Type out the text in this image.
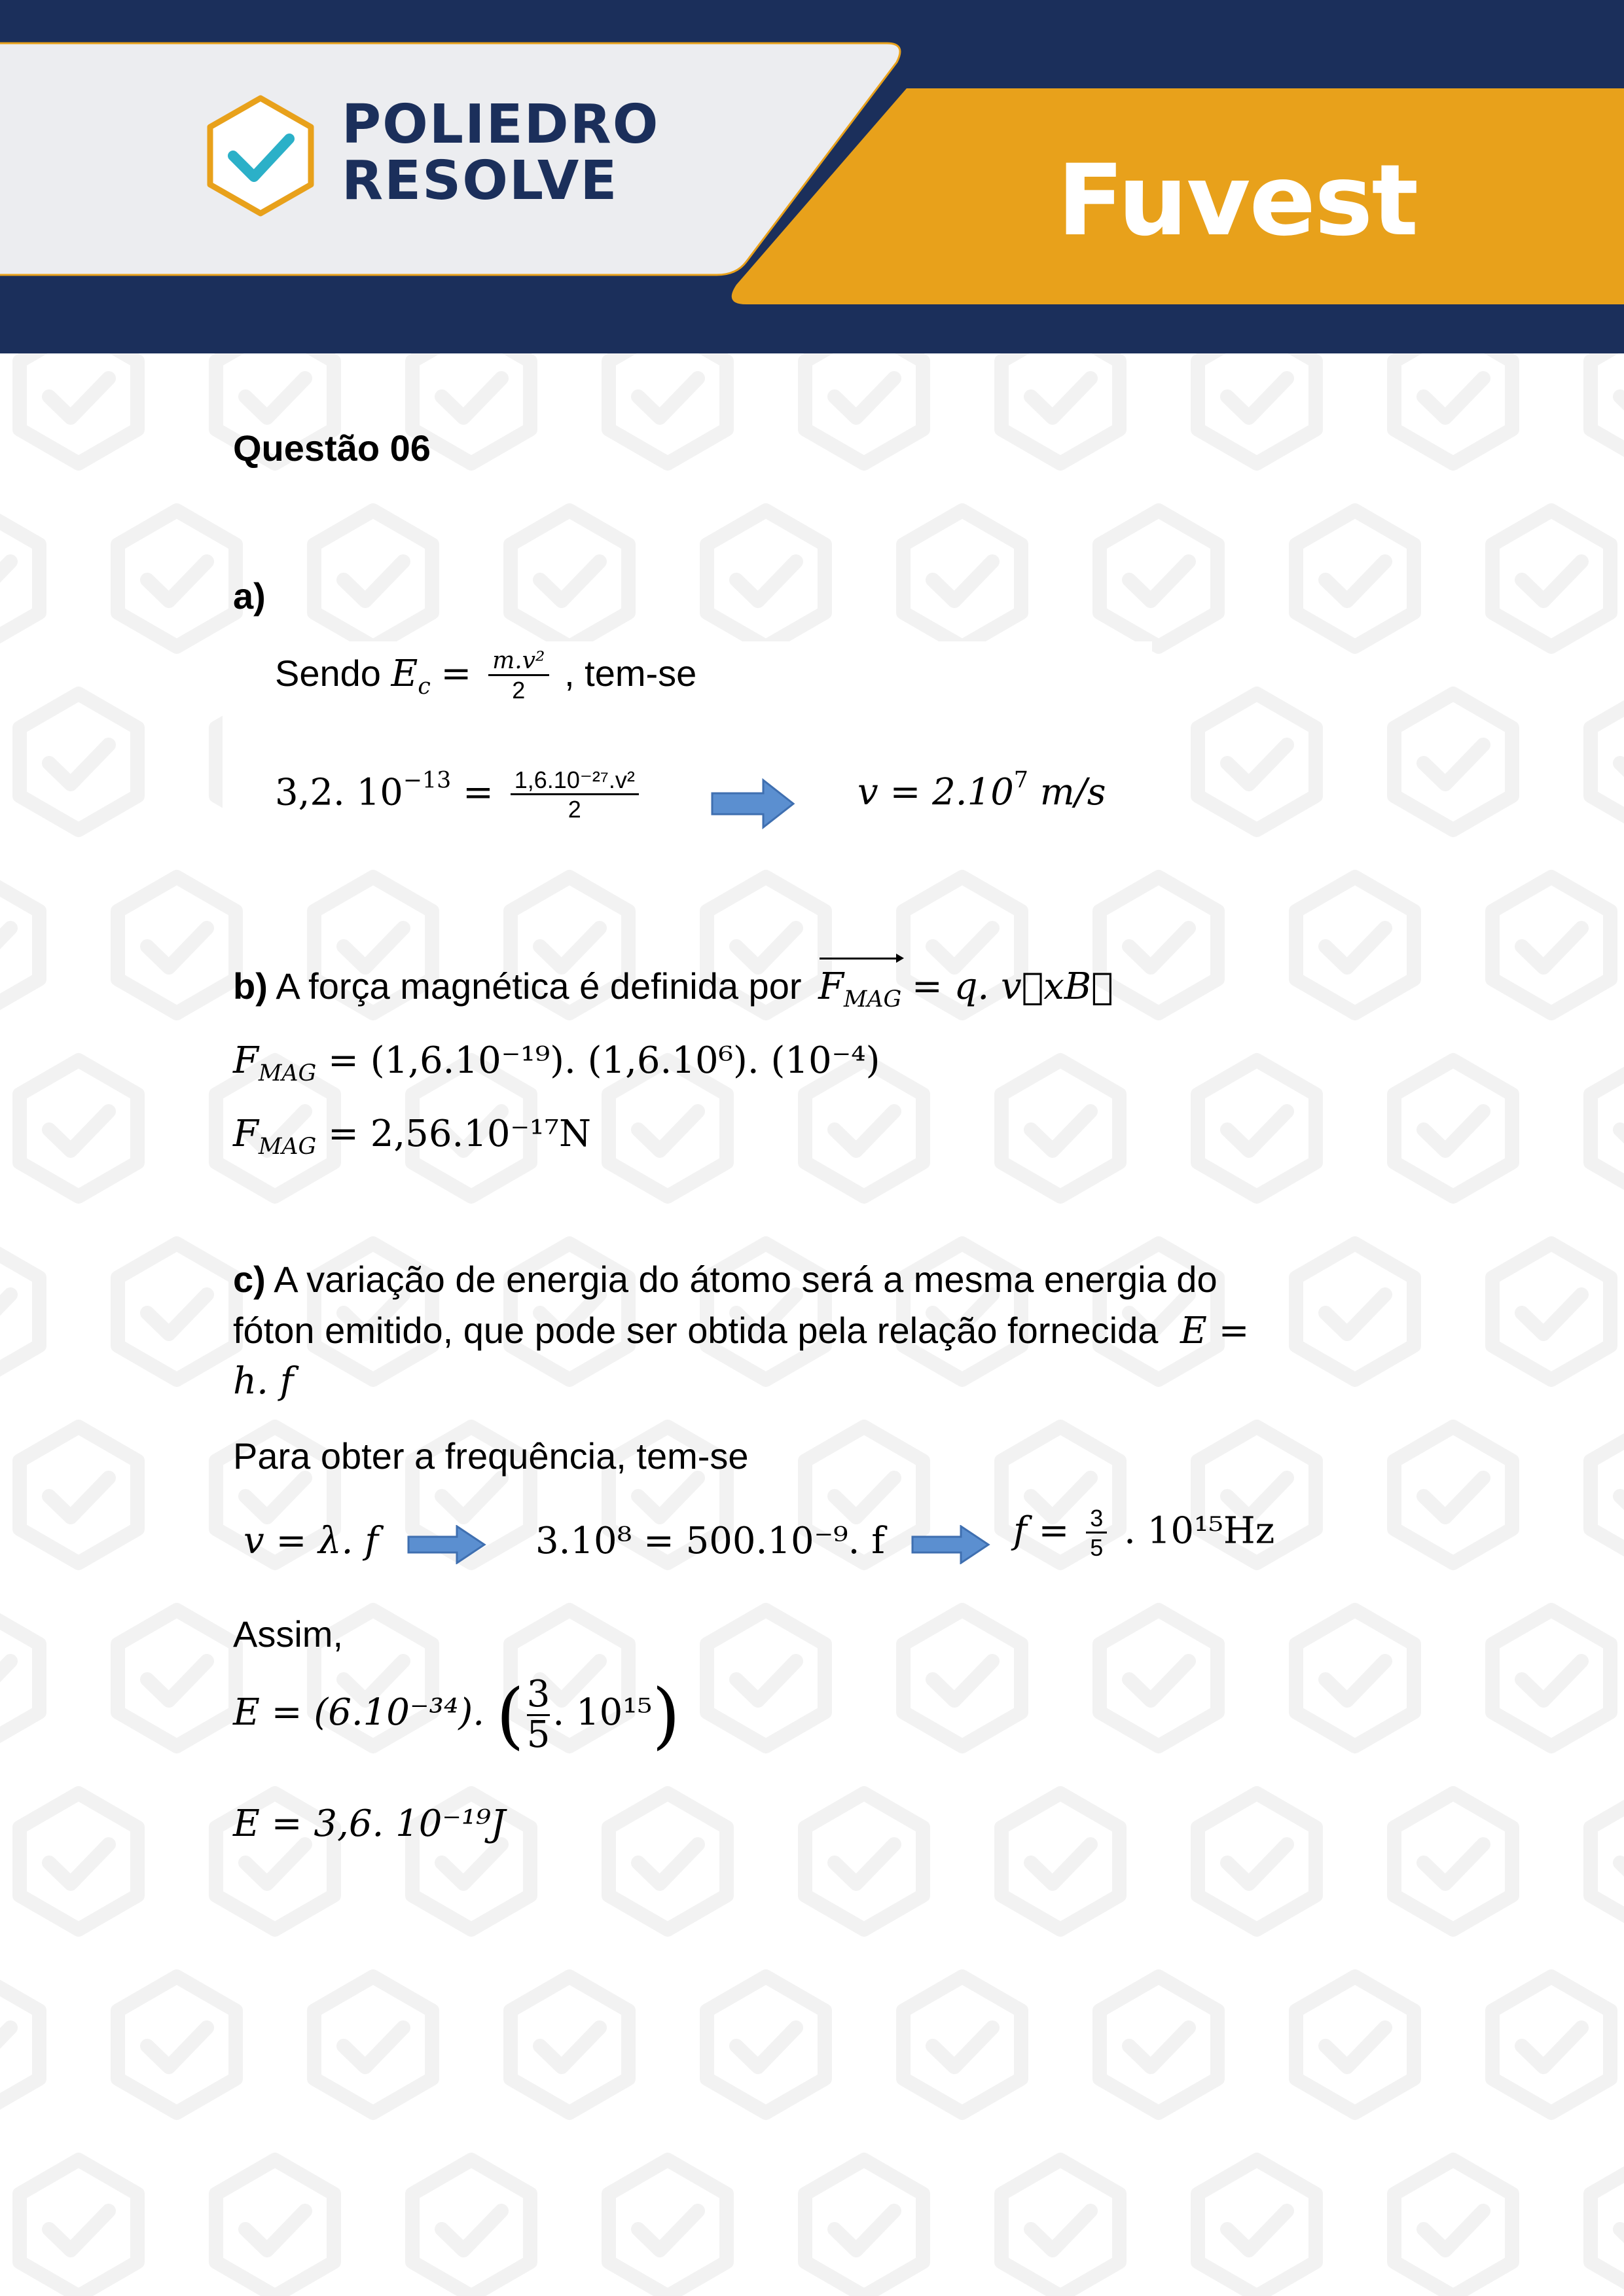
POLIEDRO
RESOLVE	Fuvest
Questão 06
a)
Sendo $E_c = \frac{\text{m.v²}}{2}$ , tem-se
3,2. $10^{-13} = \frac{\text{1,6.10⁻²⁷.v²}}{2}$	$v = 2.10^7$ m/s
b) A força magnética é definida por $F_{MAG} = q$. v⃗xB⃗
$F_{MAG} = (1,6.10^{-19})$. (1,6.10⁶). (10⁻⁴)
$F_{MAG} = 2,56.10^{-17}N$
c) A variação de energia do átomo será a mesma energia do
fóton emitido, que pode ser obtida pela relação fornecida E =
h. f
Para obter a frequência, tem-se
v = λ. f	3.10⁸ = 500.10⁻⁹. f	$f = \frac{3}{5}$ . 10¹⁵Hz
Assim,
E = (6.10⁻³⁴). ( $\frac{3}{5}$ . 10¹⁵)
E = 3,6. 10⁻¹⁹J
